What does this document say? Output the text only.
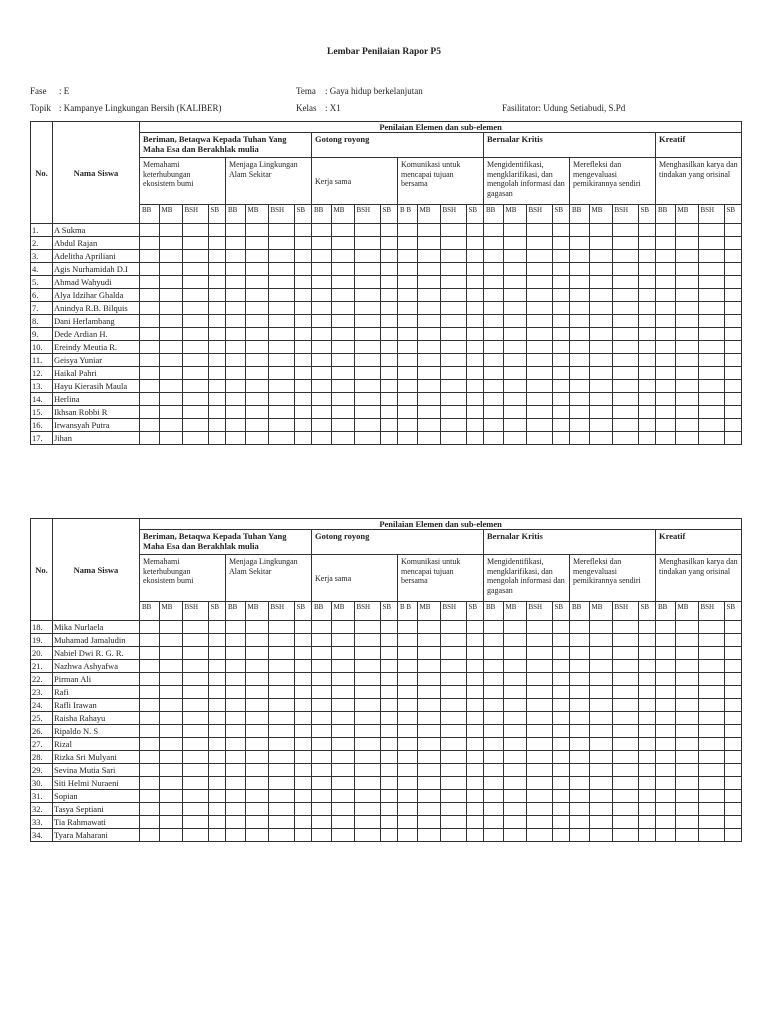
Lembar Penilaian Rapor P5
Fase : E
Topik : Kampanye Lingkungan Bersih (KALIBER)
Tema : Gaya hidup berkelanjutan
Kelas : X1	Fasilitator: Udung Setiabudi, S.Pd
No.	Nama Siswa	Penilaian Elemen dan sub-elemen																											
		Beriman, Betaqwa Kepada Tuhan Yang Maha Esa dan Berakhlak mulia								Gotong royong								Bernalar Kritis								Kreatif			
		Memahami keterhubungan ekosistem bumi				Menjaga Lingkungan Alam Sekitar				Kerja sama				Komunikasi untuk mencapai tujuan bersama				Mengidentifikasi, mengklarifikasi, dan mengolah informasi dan gagasan				Merefleksi dan mengevaluasi pemikirannya sendiri				Menghasilkan karya dan tindakan yang orisinal			
		BB	MB	BSH	SB	BB	MB	BSH	SB	BB	MB	BSH	SB	B B	MB	BSH	SB	BB	MB	BSH	SB	BB	MB	BSH	SB	BB	MB	BSH	SB
1.	A Sukma																												
2.	Abdul Rajan																												
3.	Adelitha Apriliani																												
4.	Agis Nurhamidah D.I																												
5.	Ahmad Wahyudi																												
6.	Alya Idzihar Ghalda																												
7.	Anindya R.B. Bilquis																												
8.	Dani Herlambang																												
9.	Dede Ardian H.																												
10.	Ereindy Meutia R.																												
11.	Geisya Yuniar																												
12.	Haikal Pahri																												
13.	Hayu Kierasih Maula																												
14.	Herlina																												
15.	Ikhsan Robbi R																												
16.	Irwansyah Putra																												
17.	Jihan																												
No.	Nama Siswa	Penilaian Elemen dan sub-elemen																											
		Beriman, Betaqwa Kepada Tuhan Yang Maha Esa dan Berakhlak mulia								Gotong royong								Bernalar Kritis								Kreatif			
		Memahami keterhubungan ekosistem bumi				Menjaga Lingkungan Alam Sekitar				Kerja sama				Komunikasi untuk mencapai tujuan bersama				Mengidentifikasi, mengklarifikasi, dan mengolah informasi dan gagasan				Merefleksi dan mengevaluasi pemikirannya sendiri				Menghasilkan karya dan tindakan yang orisinal			
		BB	MB	BSH	SB	BB	MB	BSH	SB	BB	MB	BSH	SB	B B	MB	BSH	SB	BB	MB	BSH	SB	BB	MB	BSH	SB	BB	MB	BSH	SB
18.	Mika Nurlaela																												
19.	Muhamad Jamaludin																												
20.	Nabiel Dwi R. G. R.																												
21.	Nazhwa Ashyafwa																												
22.	Pirman Ali																												
23.	Rafi																												
24.	Rafli Irawan																												
25.	Raisha Rahayu																												
26.	Ripaldo N. S																												
27.	Rizal																												
28.	Rizka Sri Mulyani																												
29.	Sevina Mutia Sari																												
30.	Siti Helmi Nuraeni																												
31.	Sopian																												
32.	Tasya Septiani																												
33.	Tia Rahmawati																												
34.	Tyara Maharani																												
